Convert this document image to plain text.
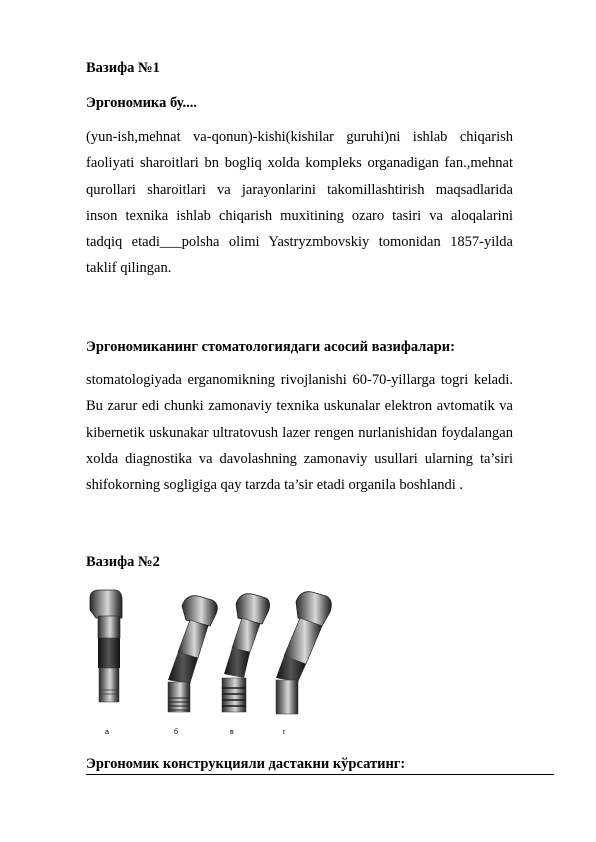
Вазифа №1
Эргономика бу....
(yun-ish,mehnat va-qonun)-kishi(kishilar guruhi)ni ishlab chiqarish
faoliyati sharoitlari bn bogliq xolda kompleks organadigan fan.,mehnat
qurollari sharoitlari va jarayonlarini takomillashtirish maqsadlarida
inson texnika ishlab chiqarish muxitining ozaro tasiri va aloqalarini
tadqiq etadi___polsha olimi Yastryzmbovskiy tomonidan 1857-yilda
taklif qilingan.
Эргономиканинг стоматологиядаги асосий вазифалари:
stomatologiyada erganomikning rivojlanishi 60-70-yillarga togri keladi.
Bu zarur edi chunki zamonaviy texnika uskunalar elektron avtomatik va
kibernetik uskunakar ultratovush lazer rengen nurlanishidan foydalangan
xolda diagnostika va davolashning zamonaviy usullari ularning ta’siri
shifokorning sogligiga qay tarzda ta’sir etadi organila boshlandi .
Вазифа №2
а	б	в	г
Эргономик конструкцияли дастакни кўрсатинг:
